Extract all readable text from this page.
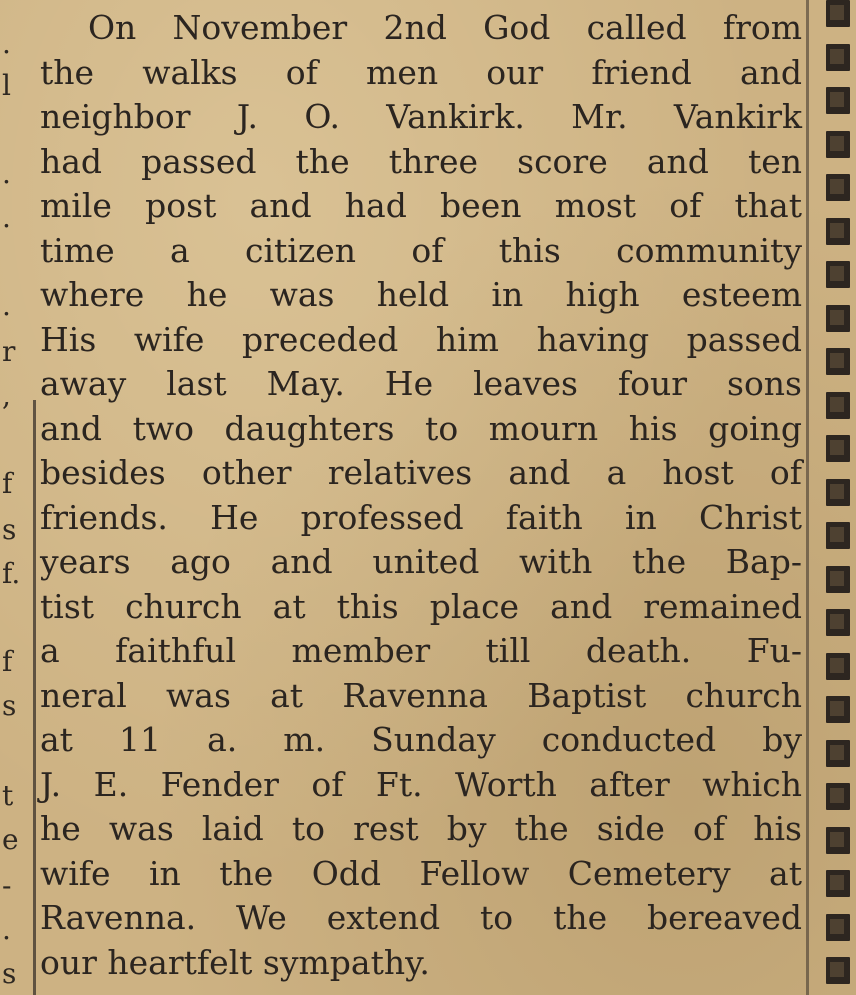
.
l
.
.
.
r
,
f
s
f.
f
s
t
e
-
.
s
On November 2nd God called from
the walks of men our friend and
neighbor J. O. Vankirk. Mr. Vankirk
had passed the three score and ten
mile post and had been most of that
time a citizen of this community
where he was held in high esteem
His wife preceded him having passed
away last May. He leaves four sons
and two daughters to mourn his going
besides other relatives and a host of
friends. He professed faith in Christ
years ago and united with the Bap-
tist church at this place and remained
a faithful member till death. Fu-
neral was at Ravenna Baptist church
at 11 a. m. Sunday conducted by
J. E. Fender of Ft. Worth after which
he was laid to rest by the side of his
wife in the Odd Fellow Cemetery at
Ravenna. We extend to the bereaved
our heartfelt sympathy.
